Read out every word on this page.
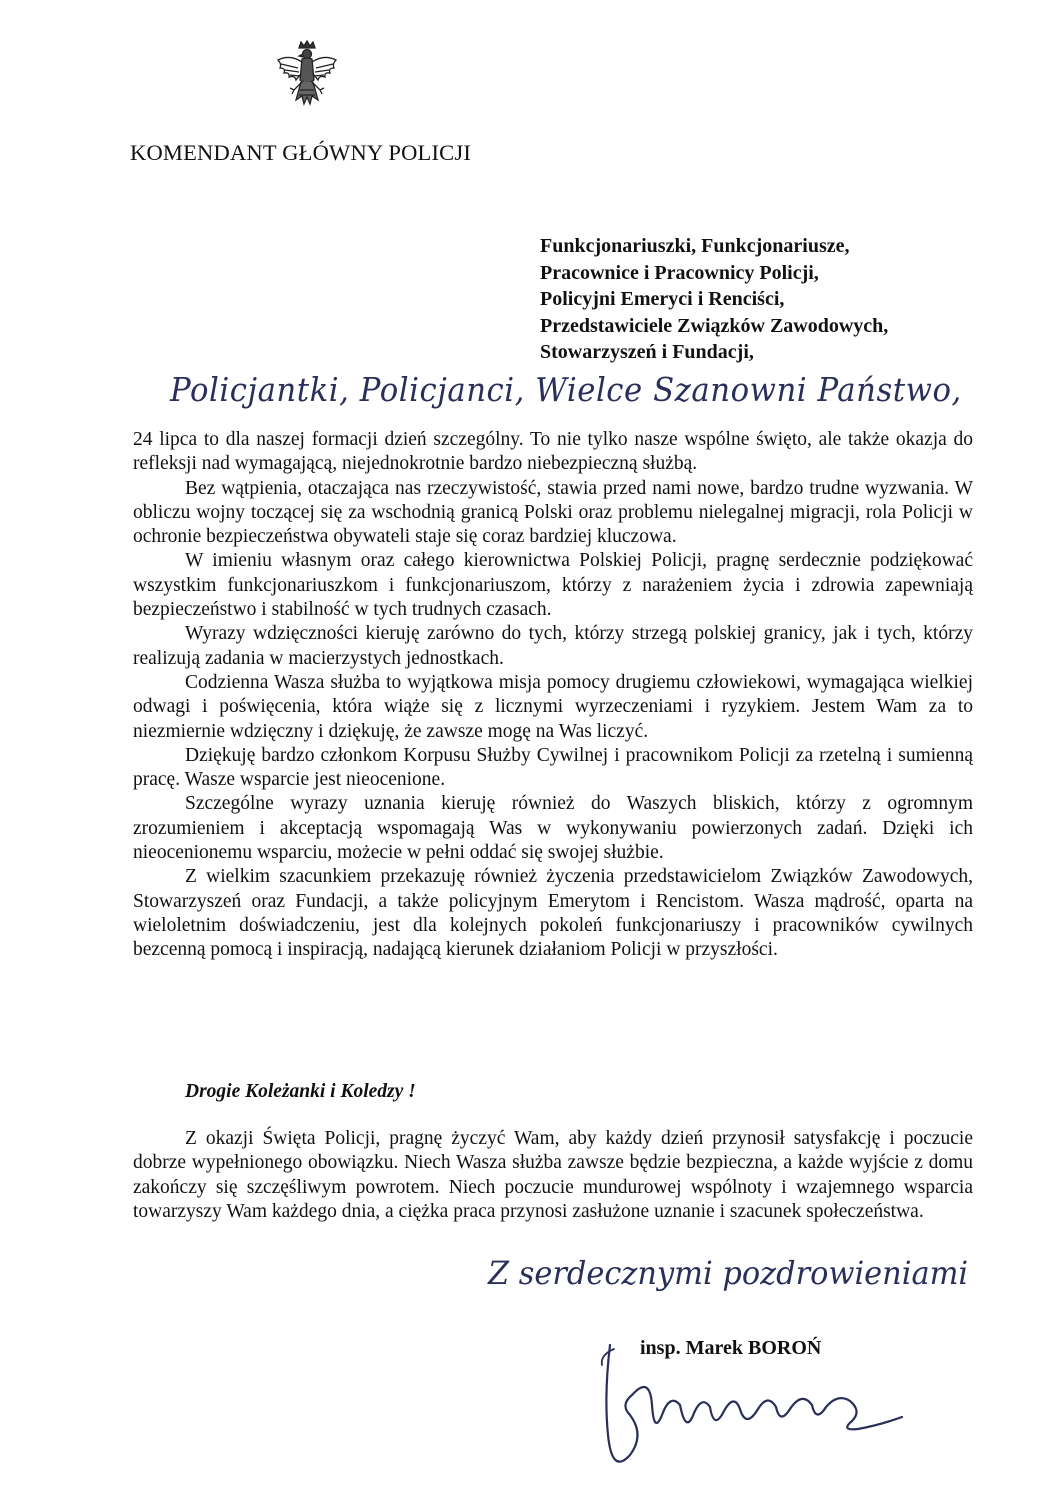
KOMENDANT GŁÓWNY POLICJI
Funkcjonariuszki, Funkcjonariusze,
Pracownice i Pracownicy Policji,
Policyjni Emeryci i Renciści,
Przedstawiciele Związków Zawodowych,
Stowarzyszeń i Fundacji,
Policjantki, Policjanci, Wielce Szanowni Państwo,

24 lipca to dla naszej formacji dzień szczególny. To nie tylko nasze wspólne święto, ale także okazja do refleksji nad wymagającą, niejednokrotnie bardzo niebezpieczną służbą.

Bez wątpienia, otaczająca nas rzeczywistość, stawia przed nami nowe, bardzo trudne wyzwania. W obliczu wojny toczącej się za wschodnią granicą Polski oraz problemu nielegalnej migracji, rola Policji w ochronie bezpieczeństwa obywateli staje się coraz bardziej kluczowa.

W imieniu własnym oraz całego kierownictwa Polskiej Policji, pragnę serdecznie podziękować wszystkim funkcjonariuszkom i funkcjonariuszom, którzy z narażeniem życia i zdrowia zapewniają bezpieczeństwo i stabilność w tych trudnych czasach.

Wyrazy wdzięczności kieruję zarówno do tych, którzy strzegą polskiej granicy, jak i tych, którzy realizują zadania w macierzystych jednostkach.

Codzienna Wasza służba to wyjątkowa misja pomocy drugiemu człowiekowi, wymagająca wielkiej odwagi i poświęcenia, która wiąże się z licznymi wyrzeczeniami i ryzykiem. Jestem Wam za to niezmiernie wdzięczny i dziękuję, że zawsze mogę na Was liczyć.

Dziękuję bardzo członkom Korpusu Służby Cywilnej i pracownikom Policji za rzetelną i sumienną pracę. Wasze wsparcie jest nieocenione.

Szczególne wyrazy uznania kieruję również do Waszych bliskich, którzy z ogromnym zrozumieniem i akceptacją wspomagają Was w wykonywaniu powierzonych zadań. Dzięki ich nieocenionemu wsparciu, możecie w pełni oddać się swojej służbie.

Z wielkim szacunkiem przekazuję również życzenia przedstawicielom Związków Zawodowych, Stowarzyszeń oraz Fundacji, a także policyjnym Emerytom i Rencistom. Wasza mądrość, oparta na wieloletnim doświadczeniu, jest dla kolejnych pokoleń funkcjonariuszy i pracowników cywilnych bezcenną pomocą i inspiracją, nadającą kierunek działaniom Policji w przyszłości.

Drogie Koleżanki i Koledzy !

Z okazji Święta Policji, pragnę życzyć Wam, aby każdy dzień przynosił satysfakcję i poczucie dobrze wypełnionego obowiązku. Niech Wasza służba zawsze będzie bezpieczna, a każde wyjście z domu zakończy się szczęśliwym powrotem. Niech poczucie mundurowej wspólnoty i wzajemnego wsparcia towarzyszy Wam każdego dnia, a ciężka praca przynosi zasłużone uznanie i szacunek społeczeństwa.

Z serdecznymi pozdrowieniami
insp. Marek BOROŃ
